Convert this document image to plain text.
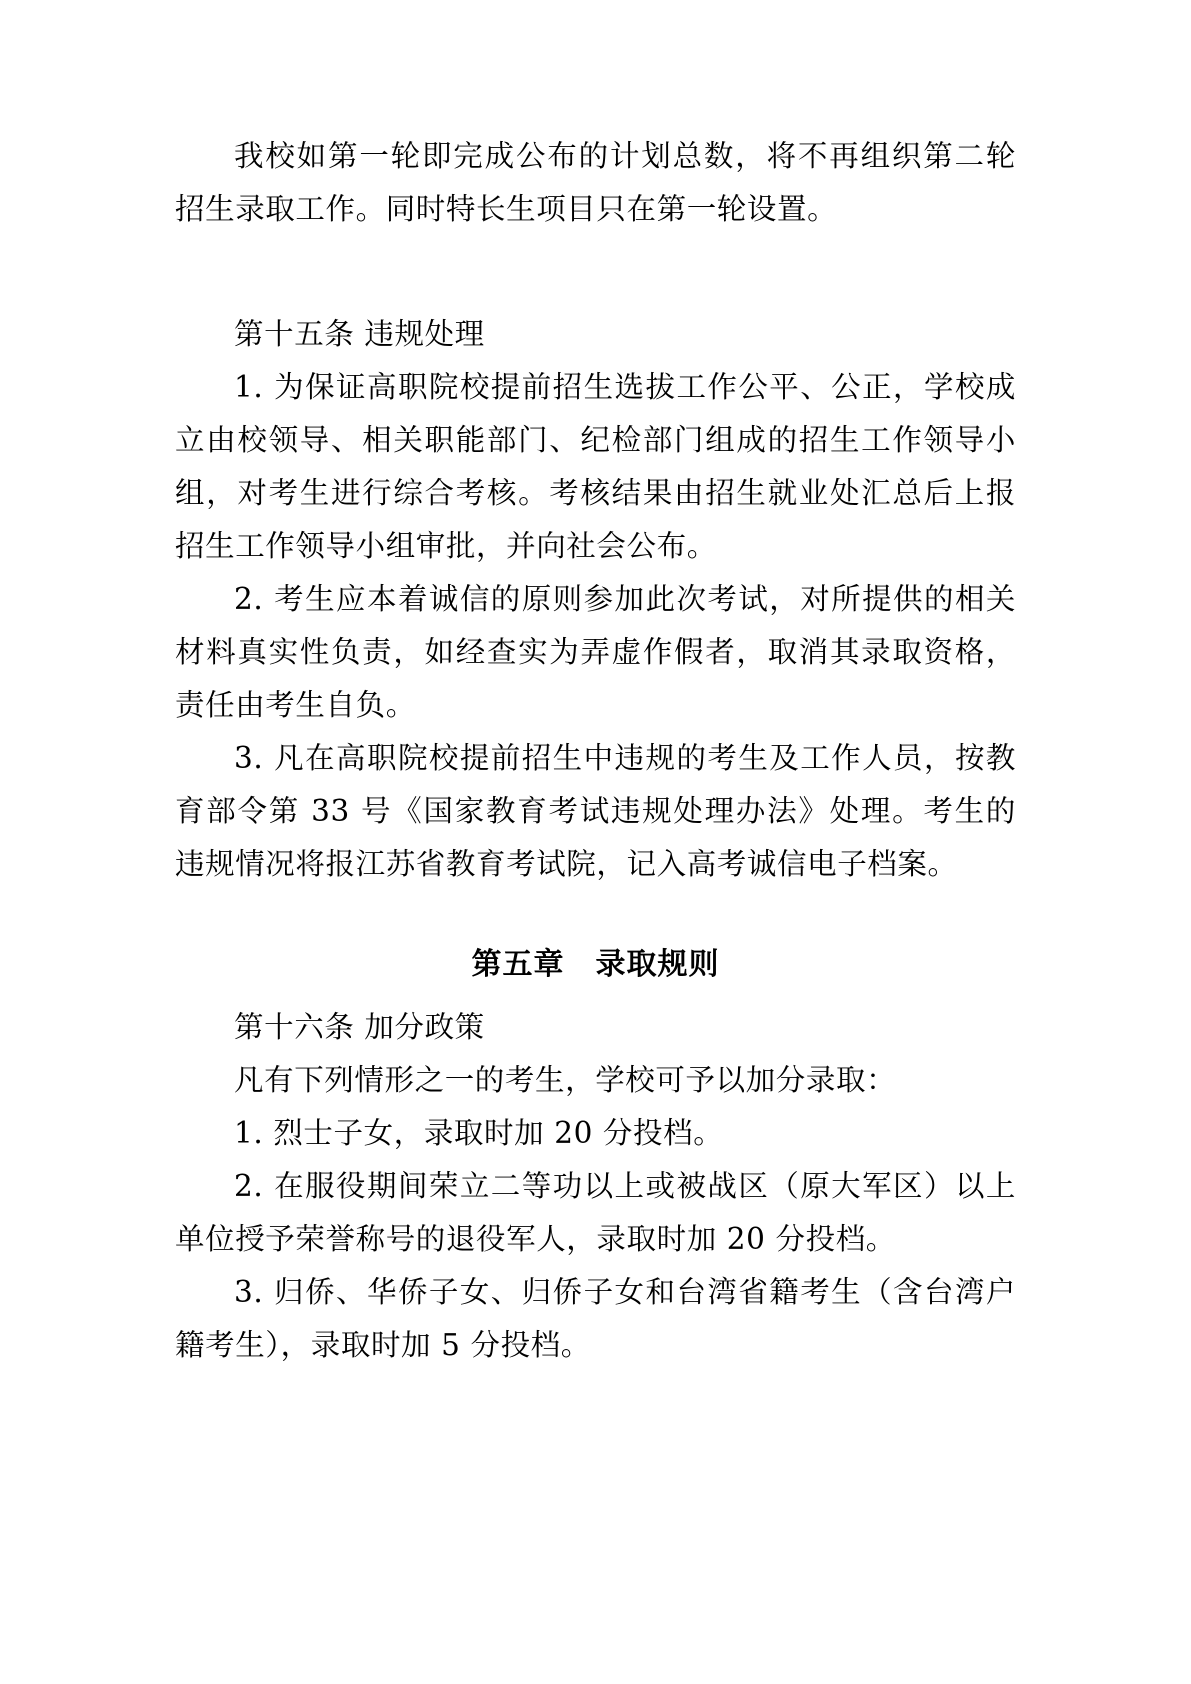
我校如第一轮即完成公布的计划总数，将不再组织第二轮招生录取工作。同时特长生项目只在第一轮设置。

第十五条 违规处理

1. 为保证高职院校提前招生选拔工作公平、公正，学校成立由校领导、相关职能部门、纪检部门组成的招生工作领导小组，对考生进行综合考核。考核结果由招生就业处汇总后上报招生工作领导小组审批，并向社会公布。

2. 考生应本着诚信的原则参加此次考试，对所提供的相关材料真实性负责，如经查实为弄虚作假者，取消其录取资格，责任由考生自负。

3. 凡在高职院校提前招生中违规的考生及工作人员，按教育部令第 33 号《国家教育考试违规处理办法》处理。考生的违规情况将报江苏省教育考试院，记入高考诚信电子档案。

第五章　录取规则

第十六条 加分政策

凡有下列情形之一的考生，学校可予以加分录取：

1. 烈士子女，录取时加 20 分投档。

2. 在服役期间荣立二等功以上或被战区（原大军区）以上单位授予荣誉称号的退役军人，录取时加 20 分投档。

3. 归侨、华侨子女、归侨子女和台湾省籍考生（含台湾户籍考生），录取时加 5 分投档。
